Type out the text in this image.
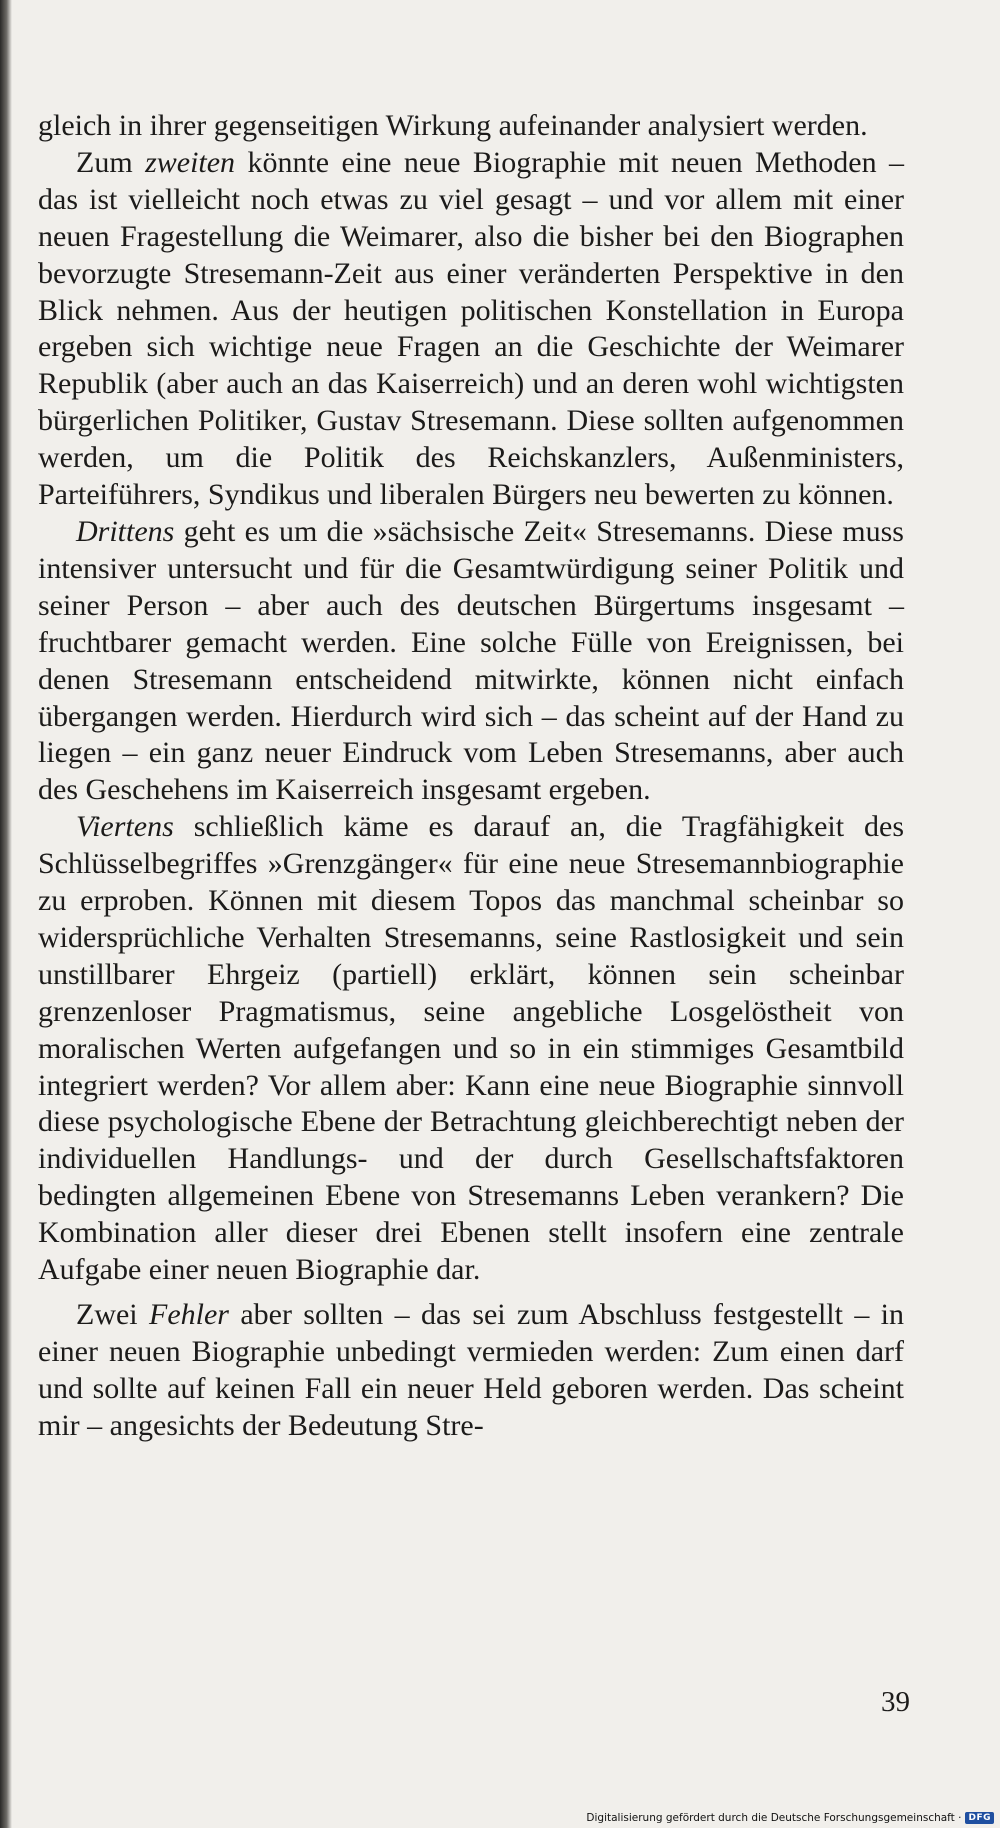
gleich in ihrer gegenseitigen Wirkung aufeinander analysiert werden.

Zum zweiten könnte eine neue Biographie mit neuen Methoden – das ist vielleicht noch etwas zu viel gesagt – und vor allem mit einer neuen Fragestellung die Weimarer, also die bisher bei den Biographen bevorzugte Stresemann-Zeit aus einer veränderten Perspektive in den Blick nehmen. Aus der heutigen politischen Konstellation in Europa ergeben sich wichtige neue Fragen an die Geschichte der Weimarer Republik (aber auch an das Kaiserreich) und an deren wohl wichtigsten bürgerlichen Politiker, Gustav Stresemann. Diese sollten aufgenommen werden, um die Politik des Reichskanzlers, Außenministers, Parteiführers, Syndikus und liberalen Bürgers neu bewerten zu können.

Drittens geht es um die »sächsische Zeit« Stresemanns. Diese muss intensiver untersucht und für die Gesamtwürdigung seiner Politik und seiner Person – aber auch des deutschen Bürgertums insgesamt – fruchtbarer gemacht werden. Eine solche Fülle von Ereignissen, bei denen Stresemann entscheidend mitwirkte, können nicht einfach übergangen werden. Hierdurch wird sich – das scheint auf der Hand zu liegen – ein ganz neuer Eindruck vom Leben Stresemanns, aber auch des Geschehens im Kaiserreich insgesamt ergeben.

Viertens schließlich käme es darauf an, die Tragfähigkeit des Schlüsselbegriffes »Grenzgänger« für eine neue Stresemannbiographie zu erproben. Können mit diesem Topos das manchmal scheinbar so widersprüchliche Verhalten Stresemanns, seine Rastlosigkeit und sein unstillbarer Ehrgeiz (partiell) erklärt, können sein scheinbar grenzenloser Pragmatismus, seine angebliche Losgelöstheit von moralischen Werten aufgefangen und so in ein stimmiges Gesamtbild integriert werden? Vor allem aber: Kann eine neue Biographie sinnvoll diese psychologische Ebene der Betrachtung gleichberechtigt neben der individuellen Handlungs- und der durch Gesellschaftsfaktoren bedingten allgemeinen Ebene von Stresemanns Leben verankern? Die Kombination aller dieser drei Ebenen stellt insofern eine zentrale Aufgabe einer neuen Biographie dar.

Zwei Fehler aber sollten – das sei zum Abschluss festgestellt – in einer neuen Biographie unbedingt vermieden werden: Zum einen darf und sollte auf keinen Fall ein neuer Held geboren werden. Das scheint mir – angesichts der Bedeutung Stre-

39
Digitalisierung gefördert durch die Deutsche Forschungsgemeinschaft · DFG
